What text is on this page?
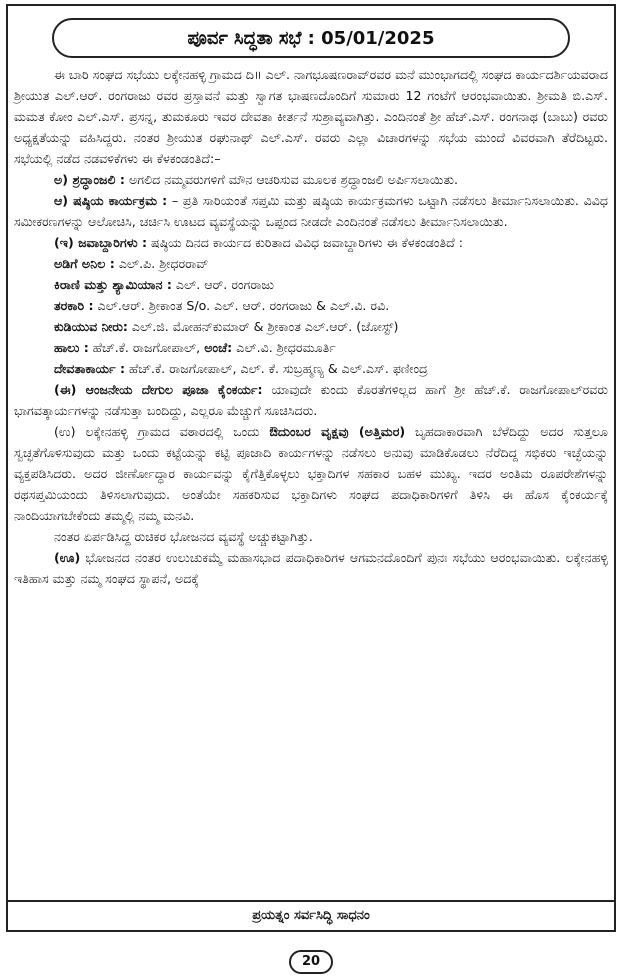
ಪೂರ್ವ ಸಿದ್ಧತಾ ಸಭೆ : 05/01/2025

ಈ ಬಾರಿ ಸಂಘದ ಸಭೆಯು ಲಕ್ಕೇನಹಳ್ಳಿ ಗ್ರಾಮದ ದಿ॥ ಎಲ್. ನಾಗಭೂಷಣರಾವ್‌ರವರ ಮನೆ ಮುಂಭಾಗದಲ್ಲಿ ಸಂಘದ ಕಾರ್ಯದರ್ಶಿಯವರಾದ ಶ್ರೀಯುತ ಎಲ್.ಆರ್. ರಂಗರಾಜು ರವರ ಪ್ರಸ್ತಾವನೆ ಮತ್ತು ಸ್ವಾಗತ ಭಾಷಣದೊಂದಿಗೆ ಸುಮಾರು 12 ಗಂಟೆಗೆ ಆರಂಭವಾಯಿತು. ಶ್ರೀಮತಿ ಬಿ.ಎಸ್. ಮಮತ ಕೋಂ ಎಲ್.ಎಸ್. ಪ್ರಸನ್ನ, ತುಮಕೂರು ಇವರ ದೇವತಾ ಕೀರ್ತನೆ ಸುಶ್ರಾವ್ಯವಾಗಿತ್ತು. ಎಂದಿನಂತೆ ಶ್ರೀ ಹೆಚ್.ಎಸ್. ರಂಗನಾಥ (ಬಾಬು) ರವರು ಅಧ್ಯಕ್ಷತೆಯನ್ನು ವಹಿಸಿದ್ದರು. ನಂತರ ಶ್ರೀಯುತ ರಘುನಾಥ್ ಎಲ್.ಎಸ್. ರವರು ಎಲ್ಲಾ ವಿಚಾರಗಳನ್ನು ಸಭೆಯ ಮುಂದೆ ವಿವರವಾಗಿ ತೆರೆದಿಟ್ಟರು. ಸಭೆಯಲ್ಲಿ ನಡೆದ ನಡವಳಿಕೆಗಳು ಈ ಕೆಳಕಂಡಂತಿದೆ:–

ಅ) ಶ್ರದ್ಧಾಂಜಲಿ : ಅಗಲಿದ ನಮ್ಮವರುಗಳಿಗೆ ಮೌನ ಆಚರಿಸುವ ಮೂಲಕ ಶ್ರದ್ಧಾಂಜಲಿ ಅರ್ಪಿಸಲಾಯಿತು.

ಆ) ಷಷ್ಠಿಯ ಕಾರ್ಯಕ್ರಮ : – ಪ್ರತಿ ಸಾರಿಯಂತೆ ಸಪ್ತಮಿ ಮತ್ತು ಷಷ್ಠಿಯ ಕಾರ್ಯಕ್ರಮಗಳು ಒಟ್ಟಾಗಿ ನಡೆಸಲು ತೀರ್ಮಾನಿಸಲಾಯಿತು. ವಿವಿಧ ಸಮೀಕರಣಗಳನ್ನು ಆಲೋಚಿಸಿ, ಚರ್ಚಿಸಿ ಊಟದ ವ್ಯವಸ್ಥೆಯನ್ನು ಒಪ್ಪಂದ ನೀಡದೇ ಎಂದಿನಂತೆ ನಡೆಸಲು ತೀರ್ಮಾನಿಸಲಾಯಿತು.

(ಇ) ಜವಾಬ್ದಾರಿಗಳು : ಷಷ್ಠಿಯ ದಿನದ ಕಾರ್ಯದ ಕುರಿತಾದ ವಿವಿಧ ಜವಾಬ್ದಾರಿಗಳು ಈ ಕೆಳಕಂಡಂತಿದೆ :

ಅಡಿಗೆ ಅನಿಲ : ಎಲ್.ಪಿ. ಶ್ರೀಧರರಾವ್

ಕಿರಾಣಿ ಮತ್ತು ಶ್ಯಾಮಿಯಾನ : ಎಲ್. ಆರ್. ರಂಗರಾಜು

ತರಕಾರಿ : ಎಲ್.ಆರ್. ಶ್ರೀಕಾಂತ S/o. ಎಲ್. ಆರ್. ರಂಗರಾಜು & ಎಲ್.ವಿ. ರವಿ.

ಕುಡಿಯುವ ನೀರು: ಎಲ್.ಜಿ. ಮೋಹನ್‌ಕುಮಾರ್ & ಶ್ರೀಕಾಂತ ಎಲ್.ಆರ್. (ಜೋಸ್ಟ್)

ಹಾಲು : ಹೆಚ್.ಕೆ. ರಾಜಗೋಪಾಲ್, ಅಂಚೆ: ಎಲ್.ವಿ. ಶ್ರೀಧರಮೂರ್ತಿ

ದೇವತಾಕಾರ್ಯ : ಹೆಚ್.ಕೆ. ರಾಜಗೋಪಾಲ್, ಎಲ್. ಕೆ. ಸುಬ್ರಹ್ಮಣ್ಯ & ಎಲ್.ಎಸ್. ಫಣೀಂದ್ರ

(ಈ) ಆಂಜನೇಯ ದೇಗುಲ ಪೂಜಾ ಕೈಂಕರ್ಯ: ಯಾವುದೇ ಕುಂದು ಕೊರತೆಗಳಿಲ್ಲದ ಹಾಗೆ ಶ್ರೀ ಹೆಚ್.ಕೆ. ರಾಜಗೋಪಾಲ್‌ರವರು ಭಾಗವತ್ಕಾರ್ಯಗಳನ್ನು ನಡೆಸುತ್ತಾ ಬಂದಿದ್ದು, ಎಲ್ಲರೂ ಮೆಚ್ಚುಗೆ ಸೂಚಿಸಿದರು.

(ಉ) ಲಕ್ಕೇನಹಳ್ಳಿ ಗ್ರಾಮದ ವಠಾರದಲ್ಲಿ ಒಂದು ಔದುಂಬರ ವೃಕ್ಷವು (ಅತ್ತಿಮರ) ಬೃಹದಾಕಾರವಾಗಿ ಬೆಳೆದಿದ್ದು ಅದರ ಸುತ್ತಲೂ ಸ್ವಚ್ಛತೆಗೊಳಿಸುವುದು ಮತ್ತು ಒಂದು ಕಟ್ಟೆಯನ್ನು ಕಟ್ಟಿ ಪೂಜಾದಿ ಕಾರ್ಯಗಳನ್ನು ನಡೆಸಲು ಅನುವು ಮಾಡಿಕೊಡಲು ನೆರೆದಿದ್ದ ಸಭಿಕರು ಇಚ್ಛೆಯನ್ನು ವ್ಯಕ್ತಪಡಿಸಿದರು. ಅದರ ಜೀರ್ಣೋದ್ಧಾರ ಕಾರ್ಯವನ್ನು ಕೈಗೆತ್ತಿಕೊಳ್ಳಲು ಭಕ್ತಾದಿಗಳ ಸಹಕಾರ ಬಹಳ ಮುಖ್ಯ. ಇದರ ಅಂತಿಮ ರೂಪರೇಶೆಗಳನ್ನು ರಥಸಪ್ತಮಿಯಂದು ತಿಳಿಸಲಾಗುವುದು. ಅಂತೆಯೇ ಸಹಕರಿಸುವ ಭಕ್ತಾದಿಗಳು ಸಂಘದ ಪದಾಧಿಕಾರಿಗಳಿಗೆ ತಿಳಿಸಿ ಈ ಹೊಸ ಕೈಂಕರ್ಯಕ್ಕೆ ನಾಂದಿಯಾಗಬೇಕೆಂದು ತಮ್ಮಲ್ಲಿ ನಮ್ಮ ಮನವಿ.

ನಂತರ ಏರ್ಪಡಿಸಿದ್ದ ರುಚಿಕರ ಭೋಜನದ ವ್ಯವಸ್ಥೆ ಅಚ್ಚುಕಟ್ಟಾಗಿತ್ತು.

(ಊ) ಭೋಜನದ ನಂತರ ಉಲುಚುಕಮ್ಮೆ ಮಹಾಸಭಾದ ಪದಾಧಿಕಾರಿಗಳ ಆಗಮನದೊಂದಿಗೆ ಪುನಃ ಸಭೆಯು ಆರಂಭವಾಯಿತು. ಲಕ್ಕೇನಹಳ್ಳಿ ಇತಿಹಾಸ ಮತ್ತು ನಮ್ಮ ಸಂಘದ ಸ್ಥಾಪನೆ, ಅದಕ್ಕೆ

ಪ್ರಯತ್ನಂ ಸರ್ವಸಿದ್ಧಿ ಸಾಧನಂ
20
